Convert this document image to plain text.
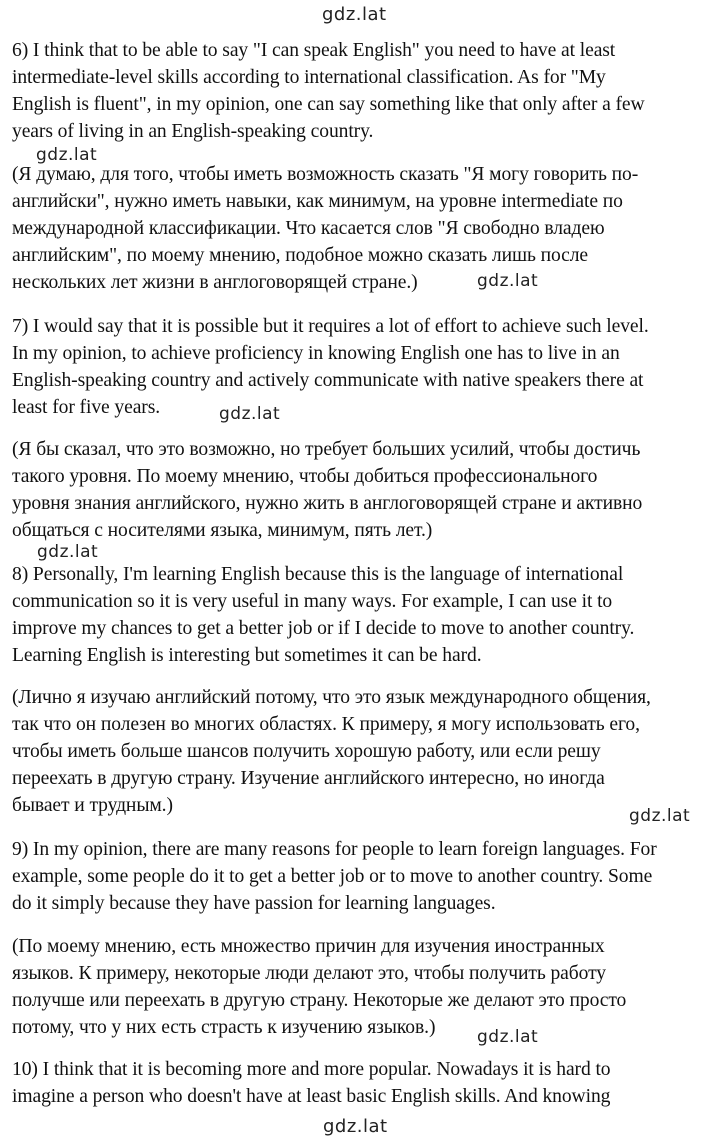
gdz.lat

6) I think that to be able to say "I can speak English" you need to have at least
intermediate-level skills according to international classification. As for "My
English is fluent", in my opinion, one can say something like that only after a few
years of living in an English-speaking country.

gdz.lat

(Я думаю, для того, чтобы иметь возможность сказать "Я могу говорить по-
английски", нужно иметь навыки, как минимум, на уровне intermediate по
международной классификации. Что касается слов "Я свободно владею
английским", по моему мнению, подобное можно сказать лишь после
нескольких лет жизни в англоговорящей стране.)	gdz.lat

7) I would say that it is possible but it requires a lot of effort to achieve such level.
In my opinion, to achieve proficiency in knowing English one has to live in an
English-speaking country and actively communicate with native speakers there at
least for five years.	gdz.lat

(Я бы сказал, что это возможно, но требует больших усилий, чтобы достичь
такого уровня. По моему мнению, чтобы добиться профессионального
уровня знания английского, нужно жить в англоговорящей стране и активно
общаться с носителями языка, минимум, пять лет.)

gdz.lat

8) Personally, I'm learning English because this is the language of international
communication so it is very useful in many ways. For example, I can use it to
improve my chances to get a better job or if I decide to move to another country.
Learning English is interesting but sometimes it can be hard.

(Лично я изучаю английский потому, что это язык международного общения,
так что он полезен во многих областях. К примеру, я могу использовать его,
чтобы иметь больше шансов получить хорошую работу, или если решу
переехать в другую страну. Изучение английского интересно, но иногда
бывает и трудным.)	gdz.lat

9) In my opinion, there are many reasons for people to learn foreign languages. For
example, some people do it to get a better job or to move to another country. Some
do it simply because they have passion for learning languages.

(По моему мнению, есть множество причин для изучения иностранных
языков. К примеру, некоторые люди делают это, чтобы получить работу
получше или переехать в другую страну. Некоторые же делают это просто
потому, что у них есть страсть к изучению языков.)	gdz.lat

10) I think that it is becoming more and more popular. Nowadays it is hard to
imagine a person who doesn't have at least basic English skills. And knowing

gdz.lat
